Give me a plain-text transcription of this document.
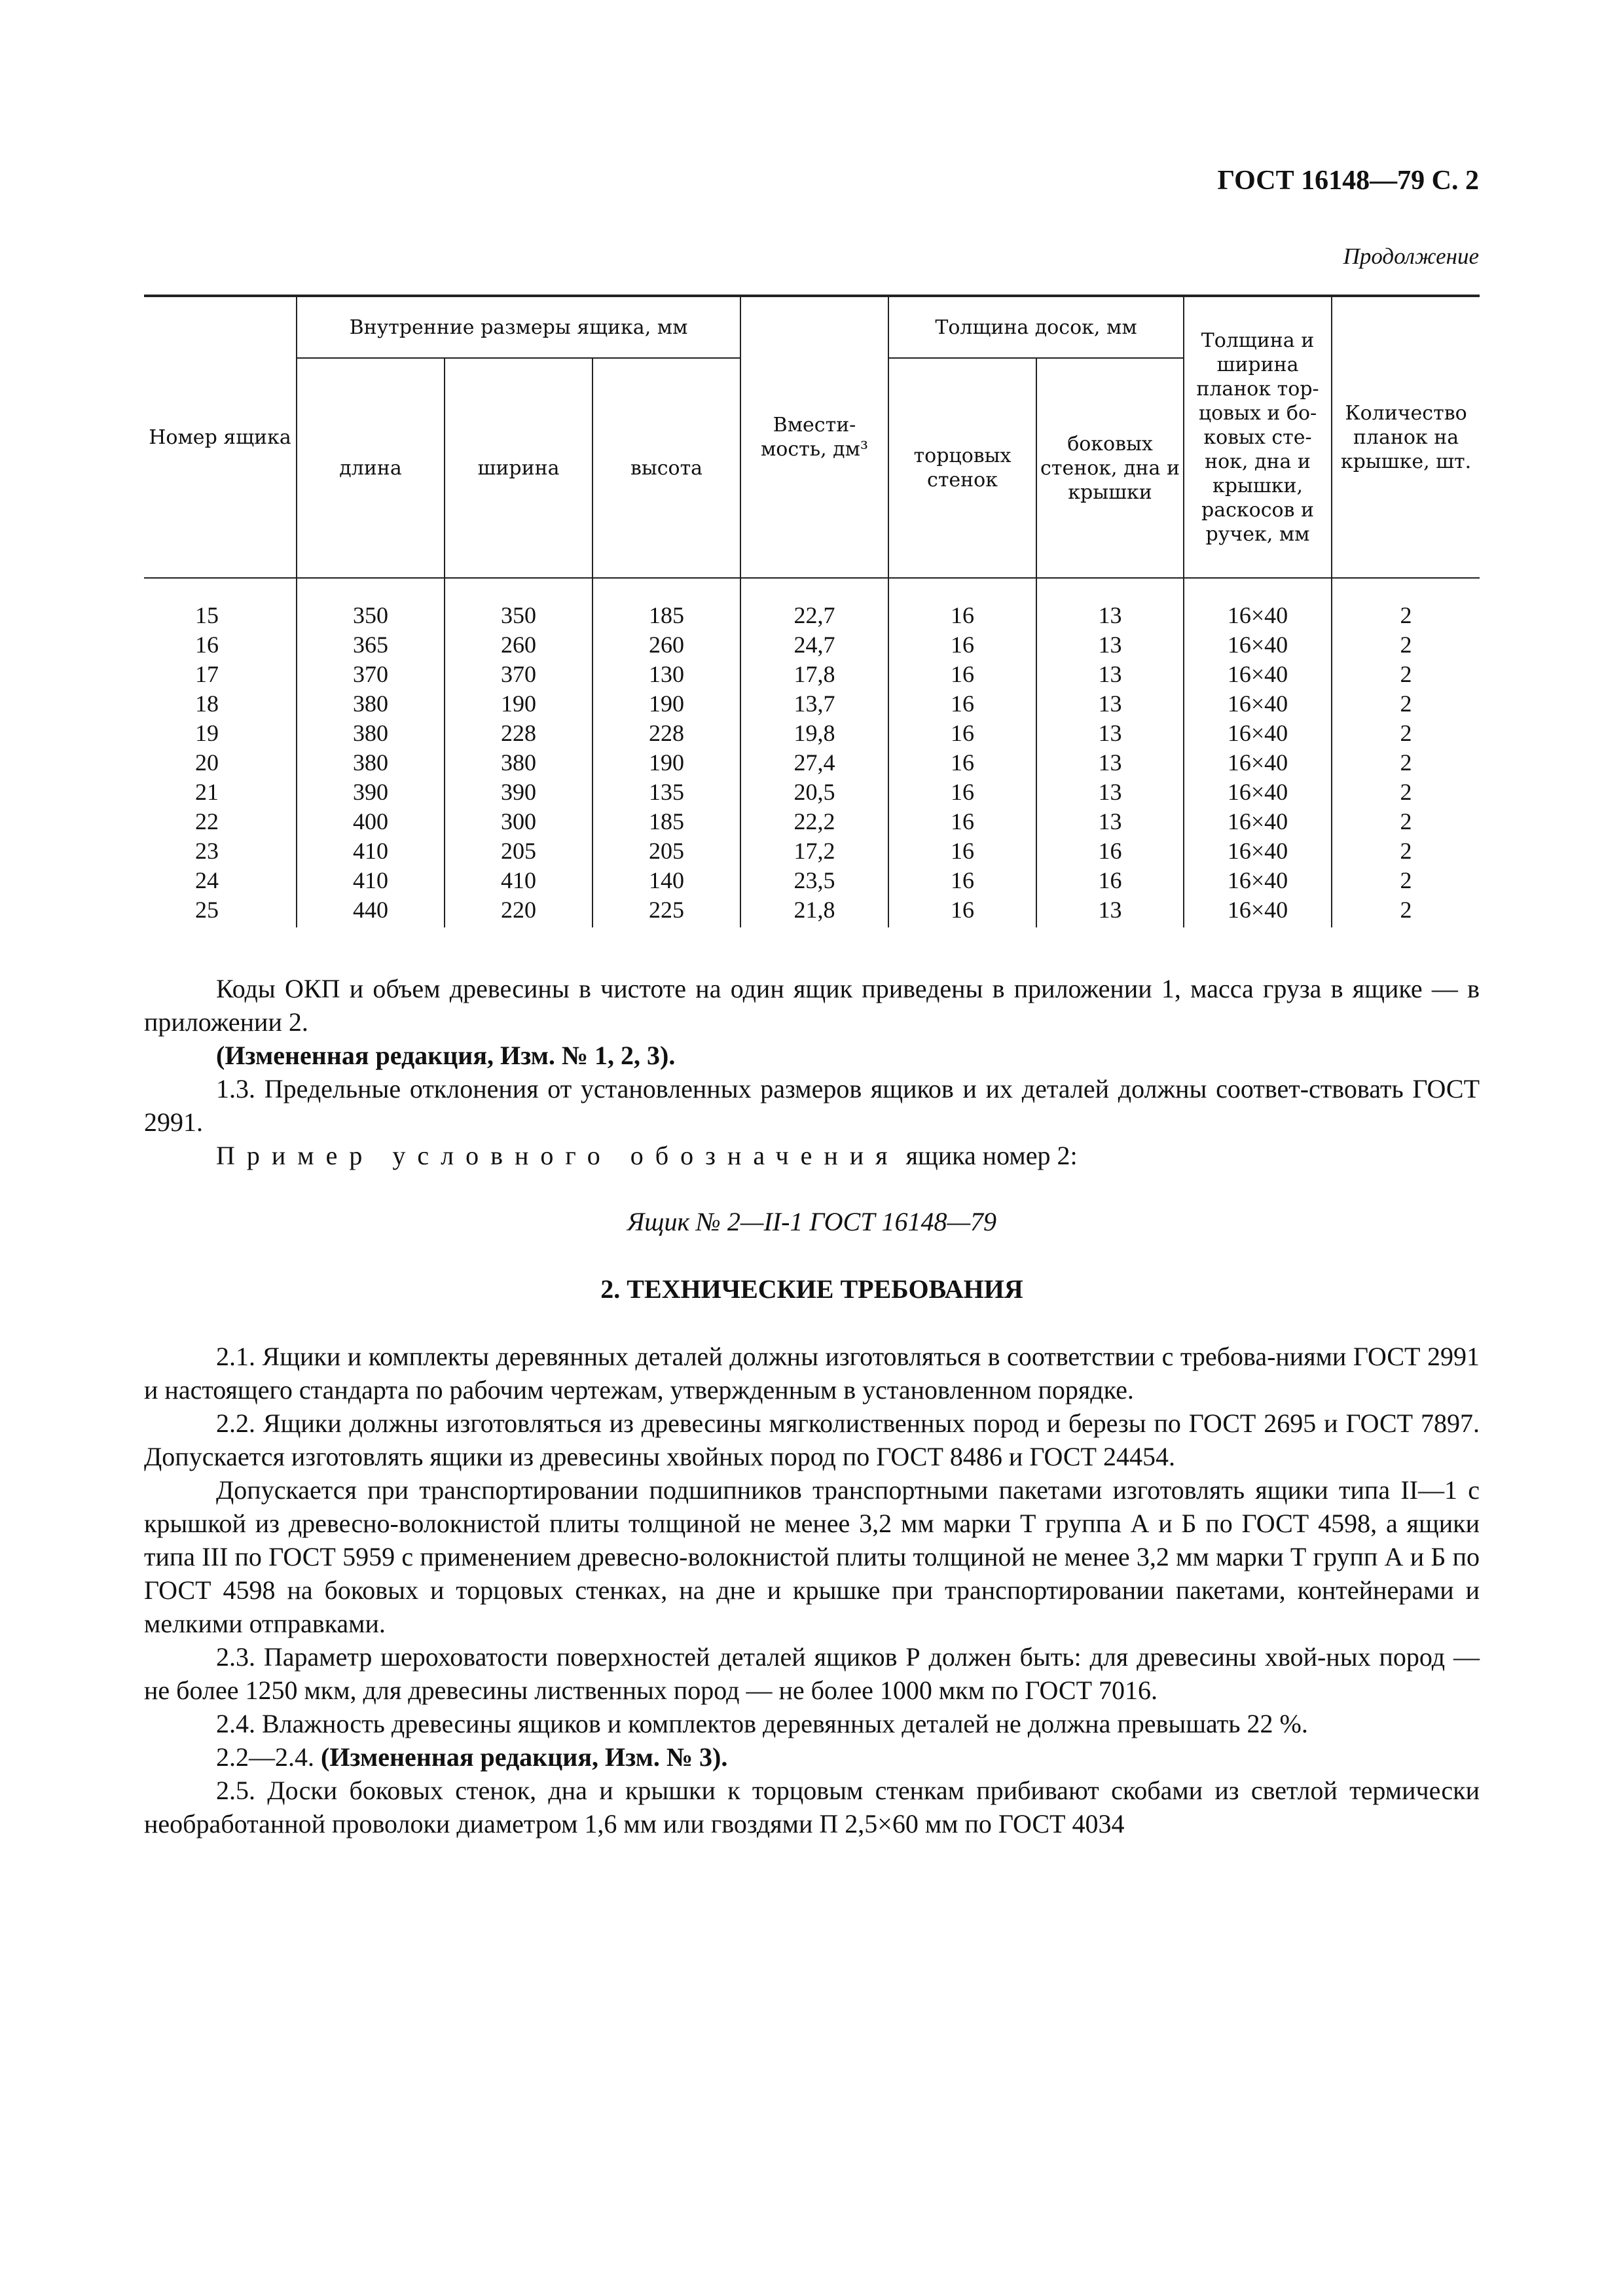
ГОСТ 16148—79 С. 2
Продолжение
Номер ящика	Внутренние размеры ящика, мм			Вмести-мость, дм³	Толщина досок, мм		Толщина и ширина планок тор-цовых и бо-ковых сте-нок, дна и крышки, раскосов и ручек, мм	Количество планок на крышке, шт.
	длина	ширина	высота		торцовых стенок	боковых стенок, дна и крышки		
15	350	350	185	22,7	16	13	16×40	2
16	365	260	260	24,7	16	13	16×40	2
17	370	370	130	17,8	16	13	16×40	2
18	380	190	190	13,7	16	13	16×40	2
19	380	228	228	19,8	16	13	16×40	2
20	380	380	190	27,4	16	13	16×40	2
21	390	390	135	20,5	16	13	16×40	2
22	400	300	185	22,2	16	13	16×40	2
23	410	205	205	17,2	16	16	16×40	2
24	410	410	140	23,5	16	16	16×40	2
25	440	220	225	21,8	16	13	16×40	2

Коды ОКП и объем древесины в чистоте на один ящик приведены в приложении 1, масса груза в ящике — в приложении 2.

(Измененная редакция, Изм. № 1, 2, 3).

1.3. Предельные отклонения от установленных размеров ящиков и их деталей должны соответ-ствовать ГОСТ 2991.

Пример условного обозначения ящика номер 2:

Ящик № 2—II-1 ГОСТ 16148—79

2. ТЕХНИЧЕСКИЕ ТРЕБОВАНИЯ

2.1. Ящики и комплекты деревянных деталей должны изготовляться в соответствии с требова-ниями ГОСТ 2991 и настоящего стандарта по рабочим чертежам, утвержденным в установленном порядке.

2.2. Ящики должны изготовляться из древесины мягколиственных пород и березы по ГОСТ 2695 и ГОСТ 7897. Допускается изготовлять ящики из древесины хвойных пород по ГОСТ 8486 и ГОСТ 24454.

Допускается при транспортировании подшипников транспортными пакетами изготовлять ящики типа II—1 с крышкой из древесно-волокнистой плиты толщиной не менее 3,2 мм марки Т группа А и Б по ГОСТ 4598, а ящики типа III по ГОСТ 5959 с применением древесно-волокнистой плиты толщиной не менее 3,2 мм марки Т групп А и Б по ГОСТ 4598 на боковых и торцовых стенках, на дне и крышке при транспортировании пакетами, контейнерами и мелкими отправками.

2.3. Параметр шероховатости поверхностей деталей ящиков Р должен быть: для древесины хвой-ных пород — не более 1250 мкм, для древесины лиственных пород — не более 1000 мкм по ГОСТ 7016.

2.4. Влажность древесины ящиков и комплектов деревянных деталей не должна превышать 22 %.

2.2—2.4. (Измененная редакция, Изм. № 3).

2.5. Доски боковых стенок, дна и крышки к торцовым стенкам прибивают скобами из светлой термически необработанной проволоки диаметром 1,6 мм или гвоздями П 2,5×60 мм по ГОСТ 4034
